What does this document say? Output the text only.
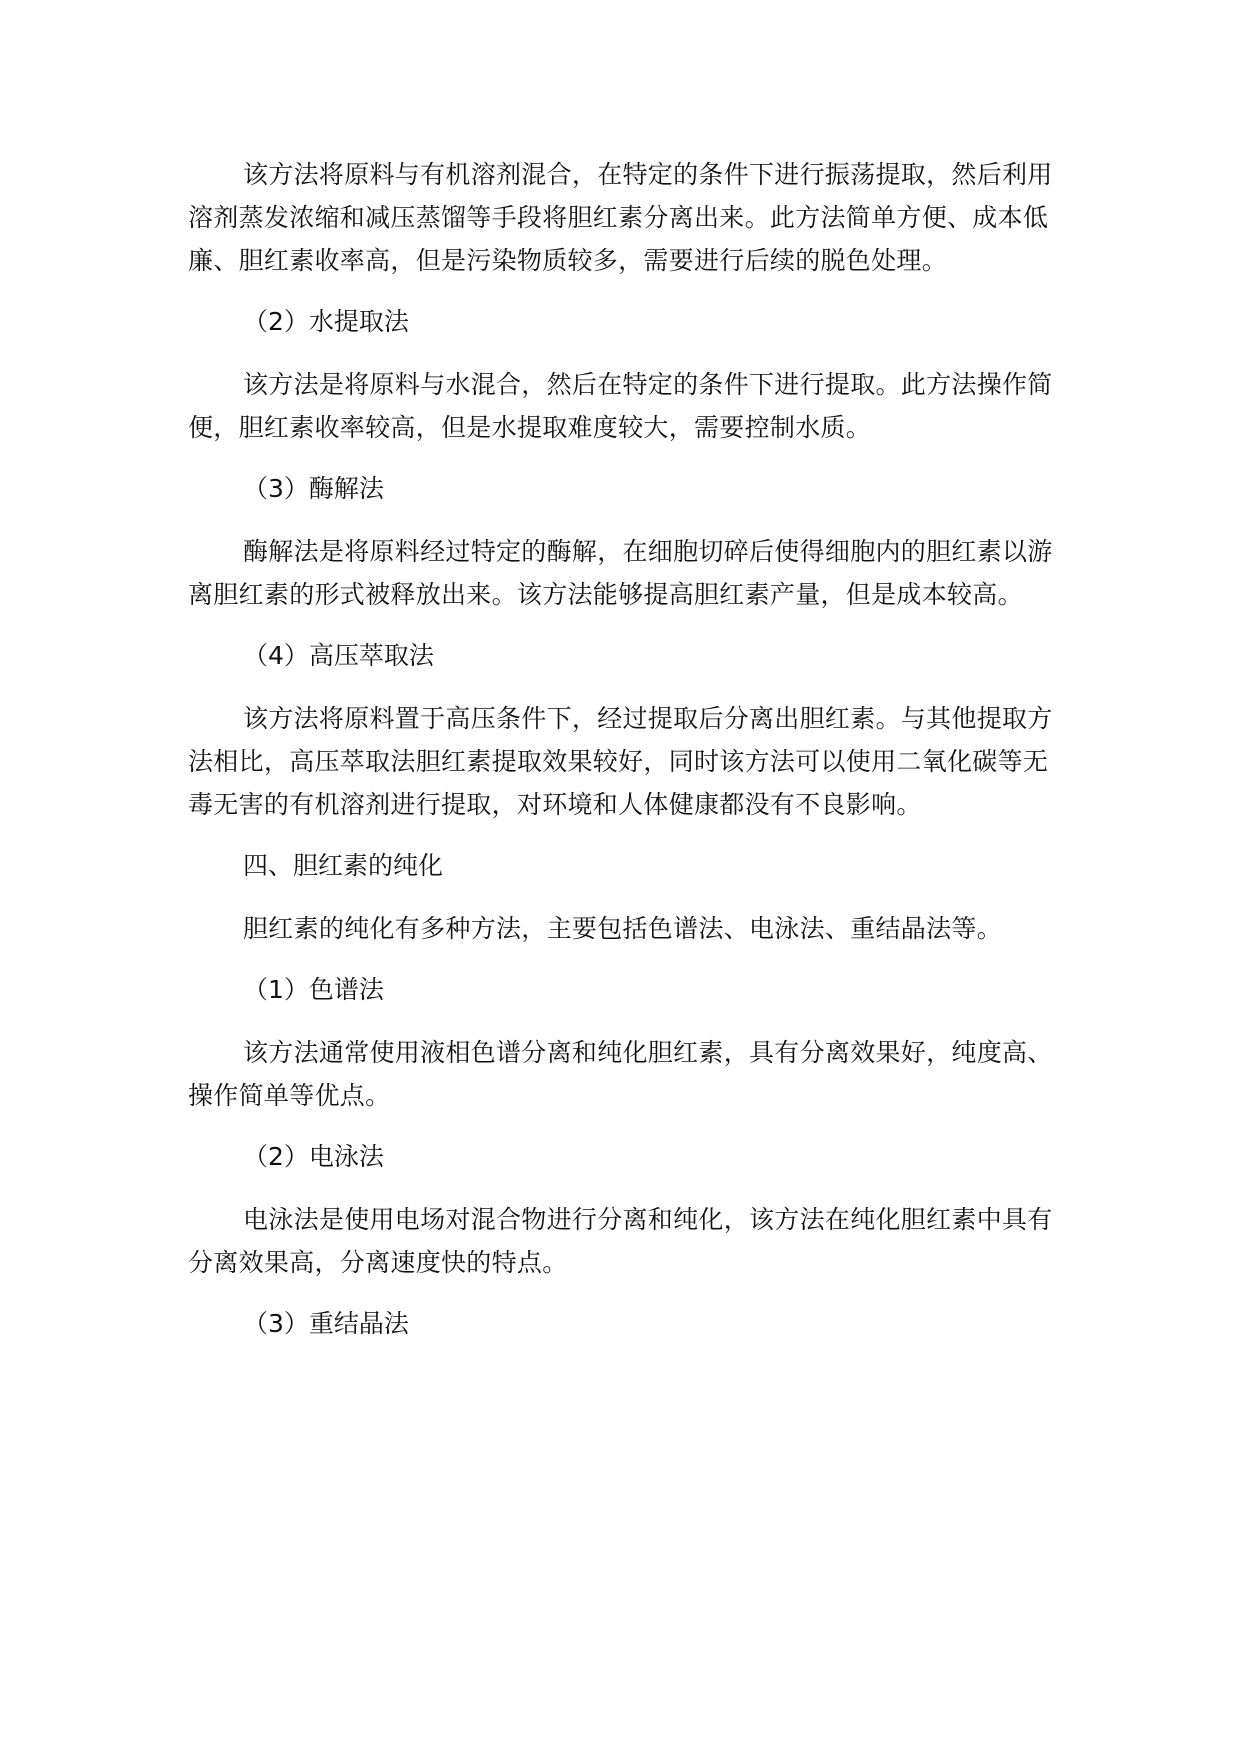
该方法将原料与有机溶剂混合，在特定的条件下进行振荡提取，然后利用溶剂蒸发浓缩和减压蒸馏等手段将胆红素分离出来。此方法简单方便、成本低廉、胆红素收率高，但是污染物质较多，需要进行后续的脱色处理。

（2）水提取法

该方法是将原料与水混合，然后在特定的条件下进行提取。此方法操作简便，胆红素收率较高，但是水提取难度较大，需要控制水质。

（3）酶解法

酶解法是将原料经过特定的酶解，在细胞切碎后使得细胞内的胆红素以游离胆红素的形式被释放出来。该方法能够提高胆红素产量，但是成本较高。

（4）高压萃取法

该方法将原料置于高压条件下，经过提取后分离出胆红素。与其他提取方法相比，高压萃取法胆红素提取效果较好，同时该方法可以使用二氧化碳等无毒无害的有机溶剂进行提取，对环境和人体健康都没有不良影响。

四、胆红素的纯化

胆红素的纯化有多种方法，主要包括色谱法、电泳法、重结晶法等。

（1）色谱法

该方法通常使用液相色谱分离和纯化胆红素，具有分离效果好，纯度高、操作简单等优点。

（2）电泳法

电泳法是使用电场对混合物进行分离和纯化，该方法在纯化胆红素中具有分离效果高，分离速度快的特点。

（3）重结晶法
